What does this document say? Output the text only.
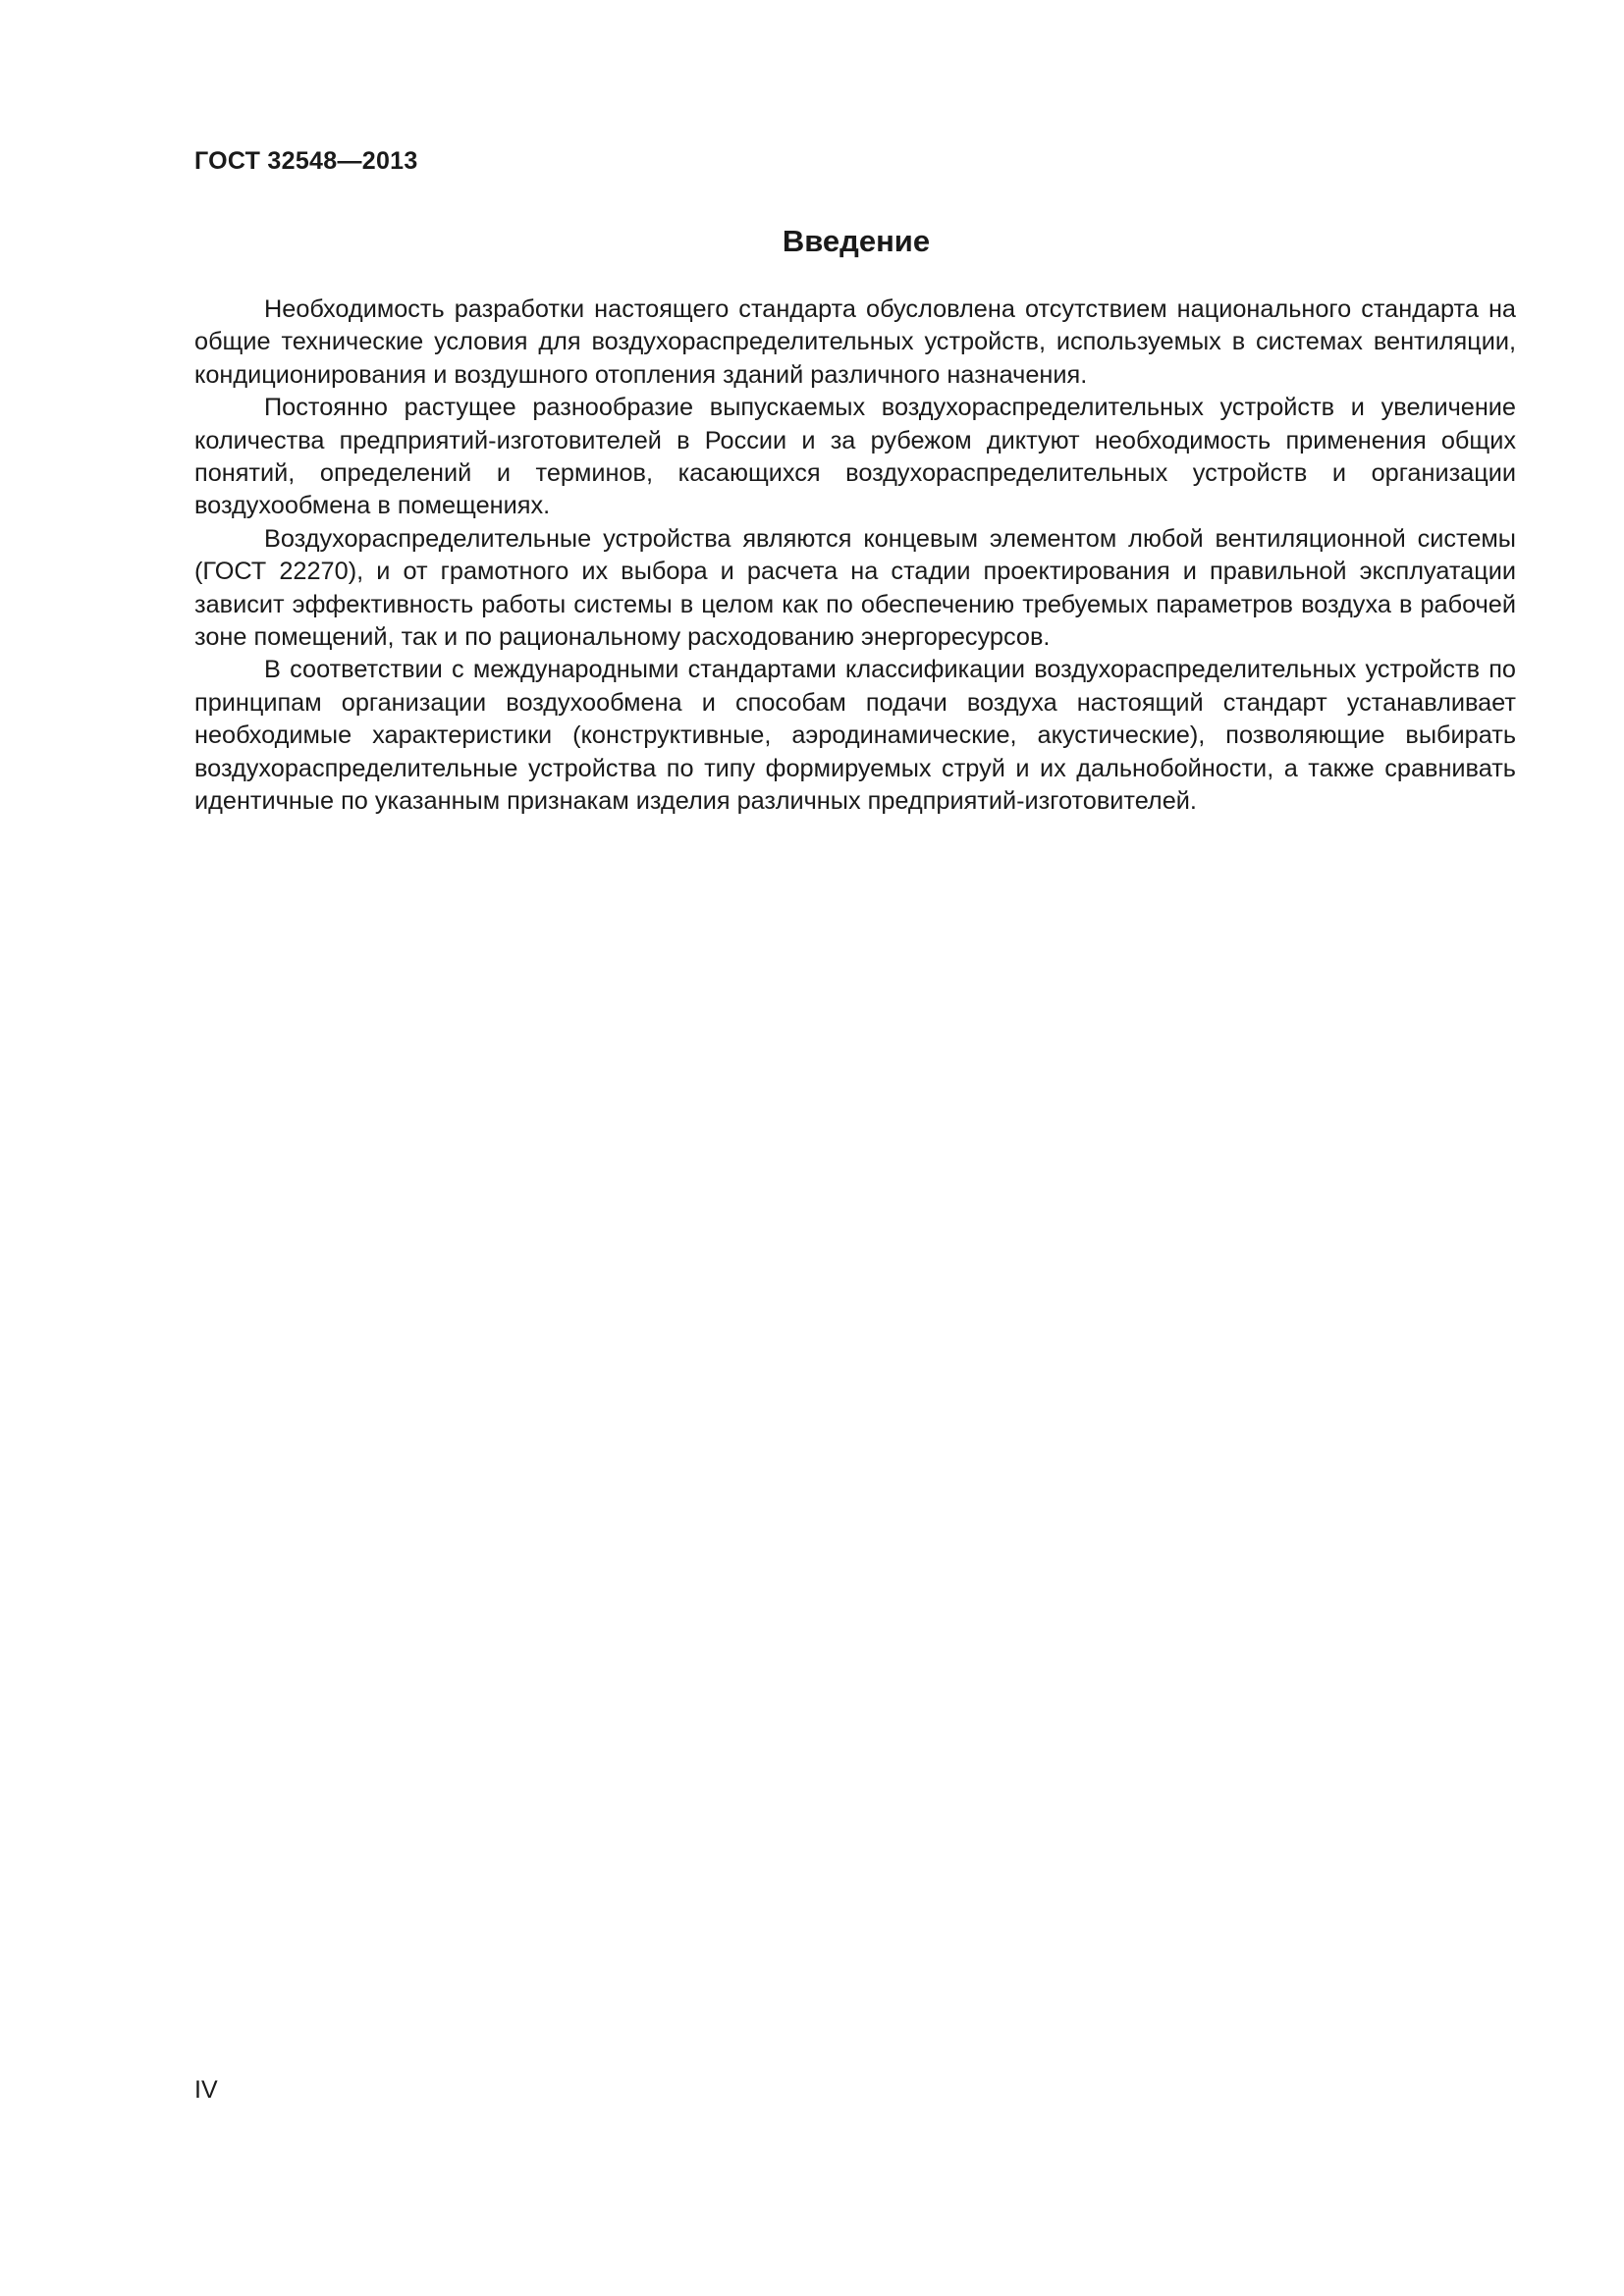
ГОСТ 32548—2013
Введение

Необходимость разработки настоящего стандарта обусловлена отсутствием национального стандарта на общие технические условия для воздухораспределительных устройств, используемых в системах вентиляции, кондиционирования и воздушного отопления зданий различного назначения.

Постоянно растущее разнообразие выпускаемых воздухораспределительных устройств и увеличение количества предприятий-изготовителей в России и за рубежом диктуют необходимость применения общих понятий, определений и терминов, касающихся воздухораспределительных устройств и организации воздухообмена в помещениях.

Воздухораспределительные устройства являются концевым элементом любой вентиляционной системы (ГОСТ 22270), и от грамотного их выбора и расчета на стадии проектирования и правильной эксплуатации зависит эффективность работы системы в целом как по обеспечению требуемых параметров воздуха в рабочей зоне помещений, так и по рациональному расходованию энергоресурсов.

В соответствии с международными стандартами классификации воздухораспределительных устройств по принципам организации воздухообмена и способам подачи воздуха настоящий стандарт устанавливает необходимые характеристики (конструктивные, аэродинамические, акустические), позволяющие выбирать воздухораспределительные устройства по типу формируемых струй и их дальнобойности, а также сравнивать идентичные по указанным признакам изделия различных предприятий-изготовителей.

IV
